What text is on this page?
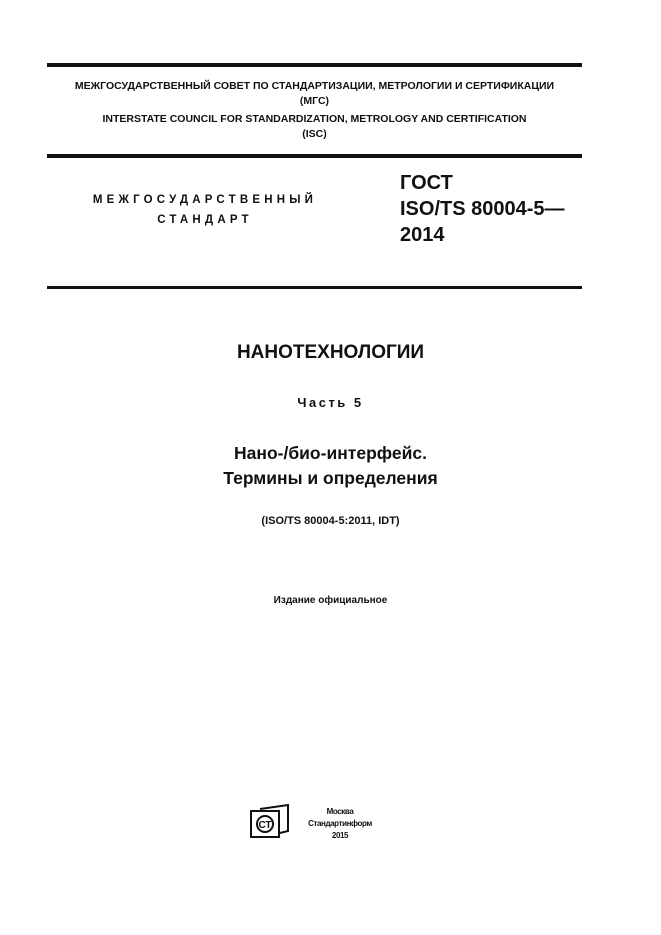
МЕЖГОСУДАРСТВЕННЫЙ СОВЕТ ПО СТАНДАРТИЗАЦИИ, МЕТРОЛОГИИ И СЕРТИФИКАЦИИ
(МГС)
INTERSTATE COUNCIL FOR STANDARDIZATION, METROLOGY AND CERTIFICATION
(ISC)
МЕЖГОСУДАРСТВЕННЫЙ
СТАНДАРТ
ГОСТ
ISO/TS 80004-5—
2014
НАНОТЕХНОЛОГИИ
Часть 5
Нано-/био-интерфейс.
Термины и определения
(ISO/TS 80004-5:2011, IDT)
Издание официальное
СТ
Москва
Стандартинформ
2015
